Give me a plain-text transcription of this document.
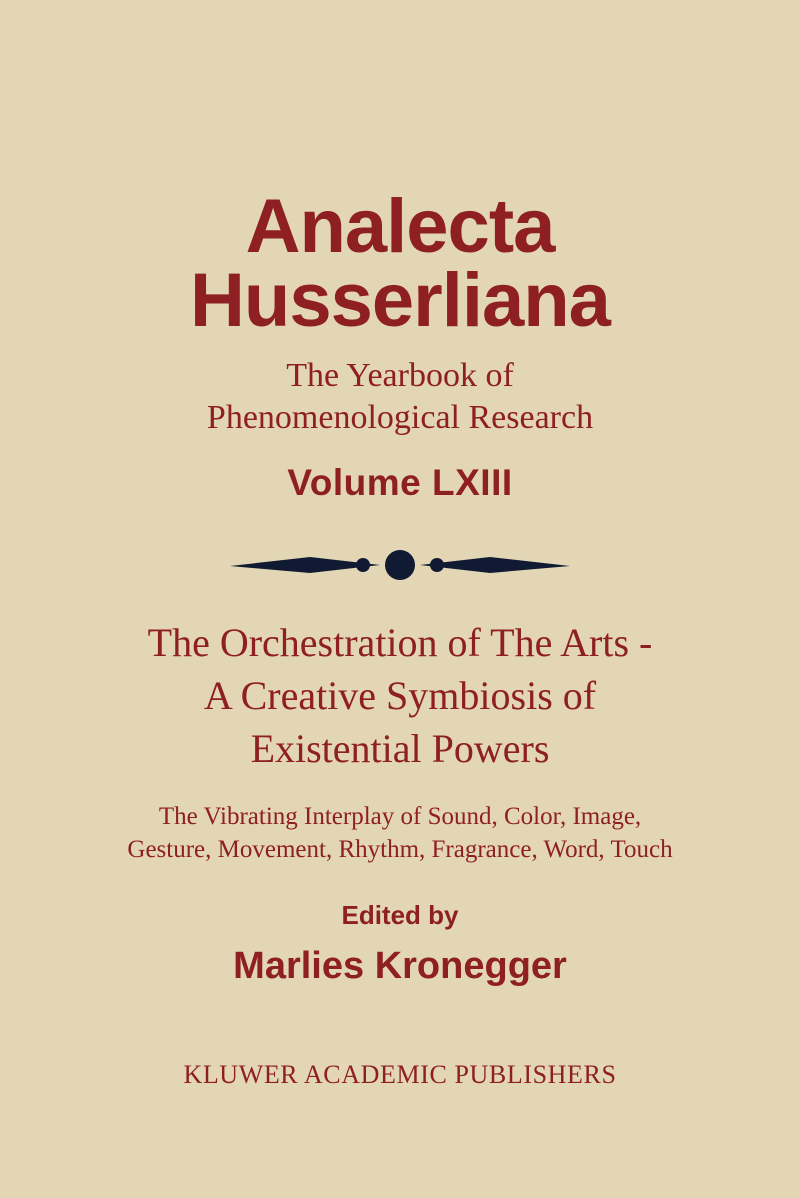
Analecta
Husserliana
The Yearbook of
Phenomenological Research
Volume LXIII
The Orchestration of The Arts -
A Creative Symbiosis of
Existential Powers
The Vibrating Interplay of Sound, Color, Image,
Gesture, Movement, Rhythm, Fragrance, Word, Touch
Edited by
Marlies Kronegger
KLUWER ACADEMIC PUBLISHERS
